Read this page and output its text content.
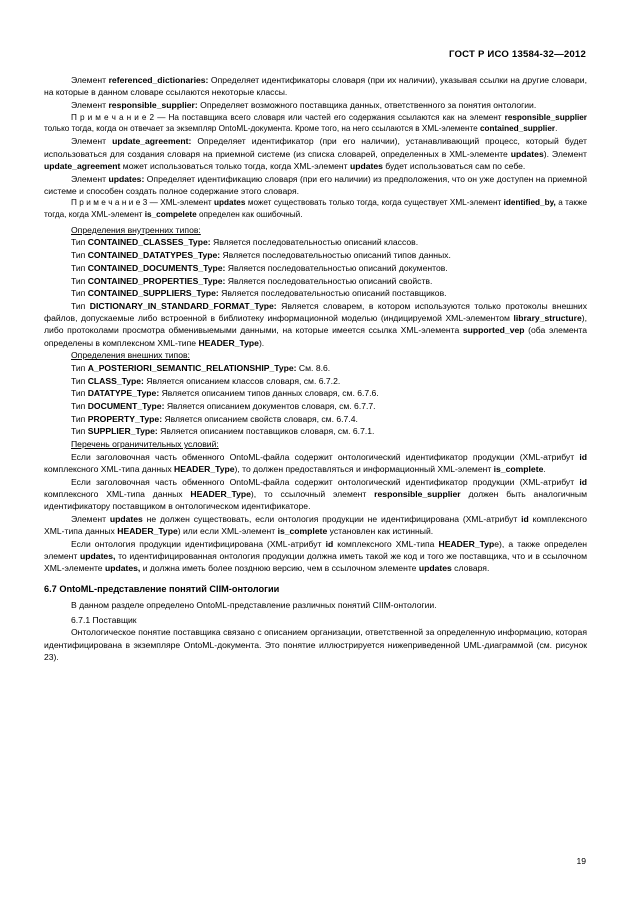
ГОСТ Р ИСО 13584-32—2012

Элемент referenced_dictionaries: Определяет идентификаторы словаря (при их наличии), указывая ссылки на другие словари, на которые в данном словаре ссылаются некоторые классы.

Элемент responsible_supplier: Определяет возможного поставщика данных, ответственного за понятия онтологии.

П р и м е ч а н и е 2 — На поставщика всего словаря или частей его содержания ссылаются как на элемент responsible_supplier только тогда, когда он отвечает за экземпляр OntoML-документа. Кроме того, на него ссылаются в XML-элементе contained_supplier.

Элемент update_agreement: Определяет идентификатор (при его наличии), устанавливающий процесс, который будет использоваться для создания словаря на приемной системе (из списка словарей, определенных в XML-элементе updates). Элемент update_agreement может использоваться только тогда, когда XML-элемент updates будет использоваться сам по себе.

Элемент updates: Определяет идентификацию словаря (при его наличии) из предположения, что он уже доступен на приемной системе и способен создать полное содержание этого словаря.

П р и м е ч а н и е 3 — XML-элемент updates может существовать только тогда, когда существует XML-элемент identified_by, а также тогда, когда XML-элемент is_compelete определен как ошибочный.

Определения внутренних типов:

Тип CONTAINED_CLASSES_Type: Является последовательностью описаний классов.

Тип CONTAINED_DATATYPES_Type: Является последовательностью описаний типов данных.

Тип CONTAINED_DOCUMENTS_Type: Является последовательностью описаний документов.

Тип CONTAINED_PROPERTIES_Type: Является последовательностью описаний свойств.

Тип CONTAINED_SUPPLIERS_Type: Является последовательностью описаний поставщиков.

Тип DICTIONARY_IN_STANDARD_FORMAT_Type: Является словарем, в котором используются только протоколы внешних файлов, допускаемые либо встроенной в библиотеку информационной моделью (индицируемой XML-элементом library_structure), либо протоколами просмотра обменивыемыми данными, на которые имеется ссылка XML-элемента supported_vep (оба элемента определены в комплексном XML-типе HEADER_Type).

Определения внешних типов:

Тип A_POSTERIORI_SEMANTIC_RELATIONSHIP_Type: См. 8.6.

Тип CLASS_Type: Является описанием классов словаря, см. 6.7.2.

Тип DATATYPE_Type: Является описанием типов данных словаря, см. 6.7.6.

Тип DOCUMENT_Type: Является описанием документов словаря, см. 6.7.7.

Тип PROPERTY_Type: Является описанием свойств словаря, см. 6.7.4.

Тип SUPPLIER_Type: Является описанием поставщиков словаря, см. 6.7.1.

Перечень ограничительных условий:

Если заголовочная часть обменного OntoML-файла содержит онтологический идентификатор продукции (XML-атрибут id комплексного XML-типа данных HEADER_Type), то должен предоставляться и информационный XML-элемент is_complete.

Если заголовочная часть обменного OntoML-файла содержит онтологический идентификатор продукции (XML-атрибут id комплексного XML-типа данных HEADER_Type), то ссылочный элемент responsible_supplier должен быть аналогичным идентификатору поставщиком в онтологическом идентификаторе.

Элемент updates не должен существовать, если онтология продукции не идентифицирована (XML-атрибут id комплексного XML-типа данных HEADER_Type) или если XML-элемент is_complete установлен как истинный.

Если онтология продукции идентифицирована (XML-атрибут id комплексного XML-типа HEADER_Type), а также определен элемент updates, то идентифицированная онтология продукции должна иметь такой же код и того же поставщика, что и в ссылочном XML-элементе updates, и должна иметь более позднюю версию, чем в ссылочном элементе updates словаря.

6.7 OntoML-представление понятий CIIM-онтологии

В данном разделе определено OntoML-представление различных понятий CIIM-онтологии.

6.7.1 Поставщик

Онтологическое понятие поставщика связано с описанием организации, ответственной за определенную информацию, которая идентифицирована в экземпляре OntoML-документа. Это понятие иллюстрируется нижеприведенной UML-диаграммой (см. рисунок 23).

19
